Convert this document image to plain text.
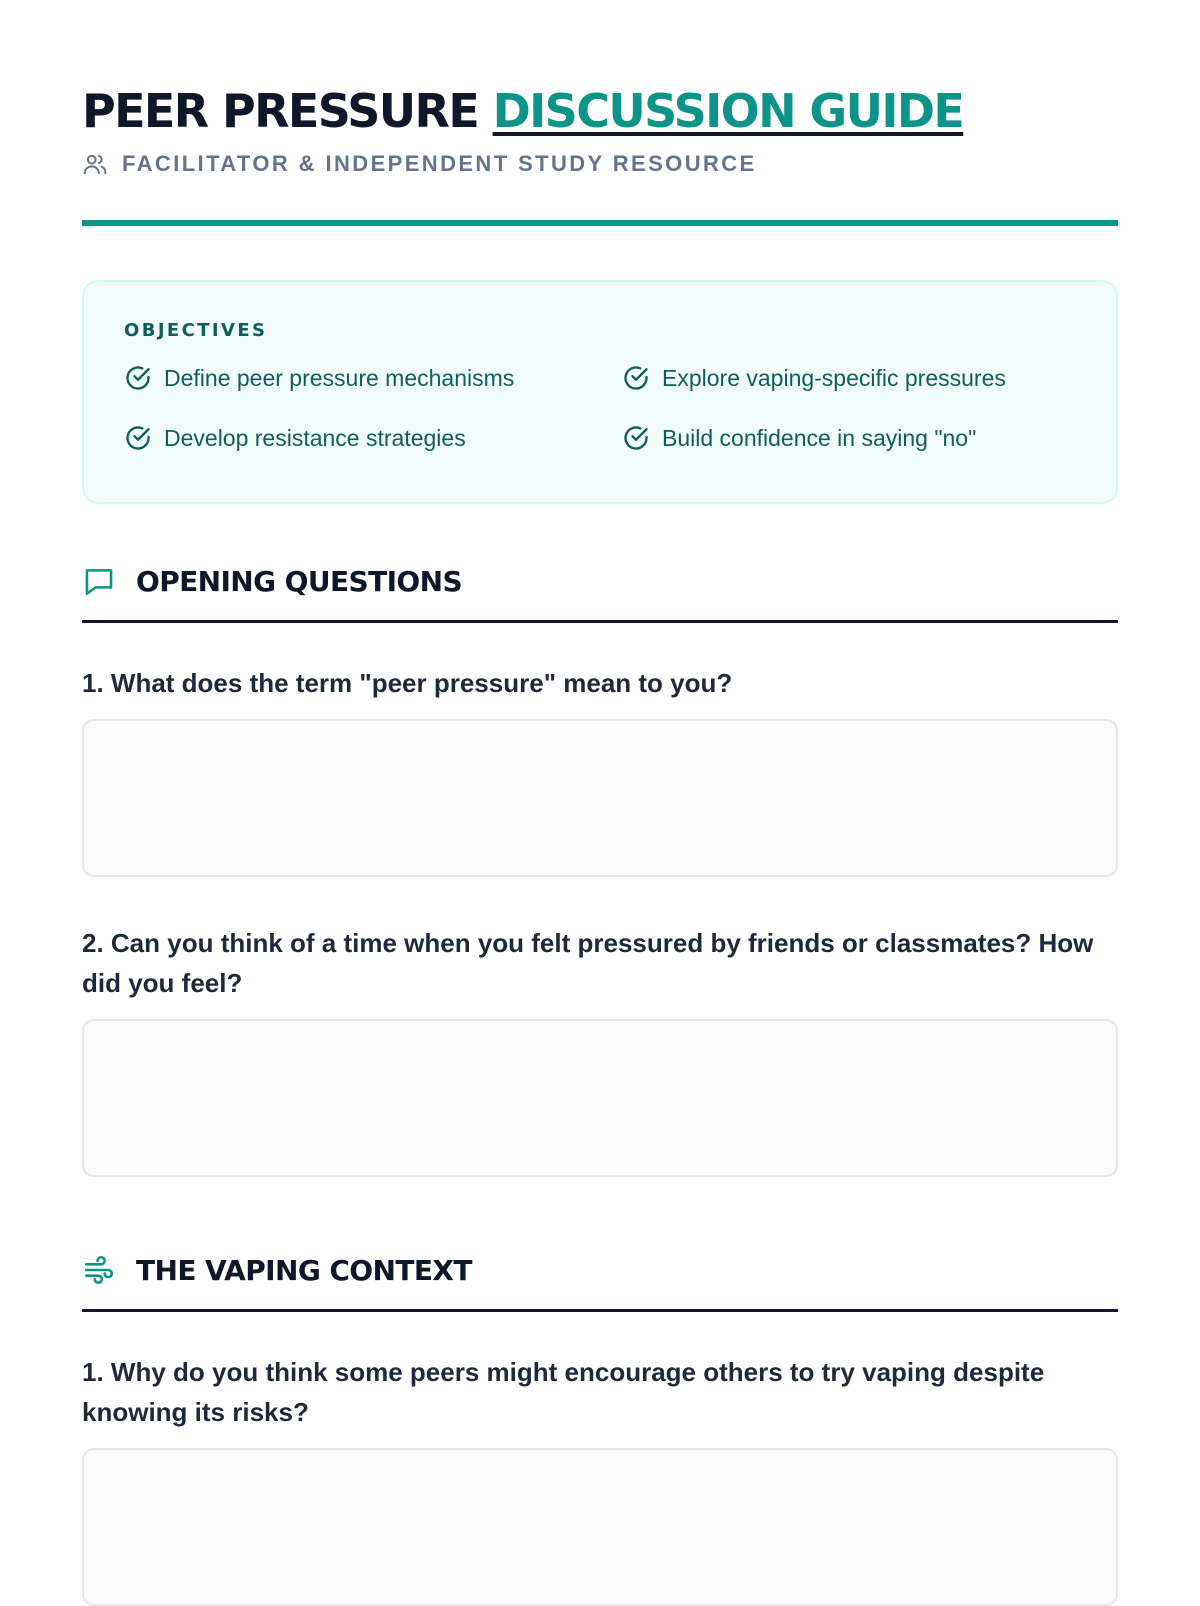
PEER PRESSURE DISCUSSION GUIDE
FACILITATOR & INDEPENDENT STUDY RESOURCE
OBJECTIVES
Define peer pressure mechanisms	Explore vaping-specific pressures
Develop resistance strategies	Build confidence in saying "no"
OPENING QUESTIONS

1. What does the term "peer pressure" mean to you?

2. Can you think of a time when you felt pressured by friends or classmates? How did you feel?

THE VAPING CONTEXT

1. Why do you think some peers might encourage others to try vaping despite knowing its risks?
